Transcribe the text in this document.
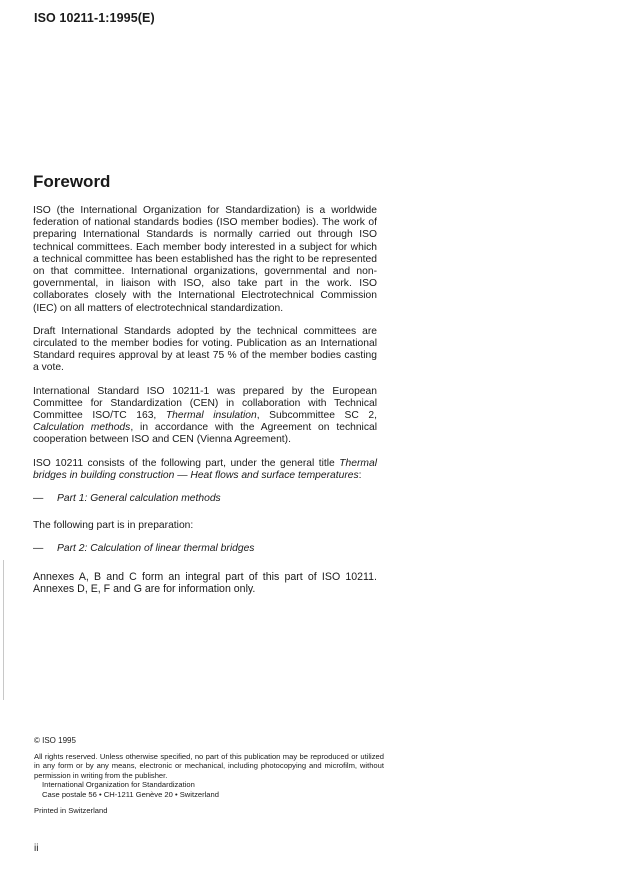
ISO 10211-1:1995(E)
Foreword

ISO (the International Organization for Standardization) is a worldwide federation of national standards bodies (ISO member bodies). The work of preparing International Standards is normally carried out through ISO technical committees. Each member body interested in a subject for which a technical committee has been established has the right to be represented on that committee. International organizations, governmental and non-governmental, in liaison with ISO, also take part in the work. ISO collaborates closely with the International Electrotechnical Commission (IEC) on all matters of electrotechnical standardization.

Draft International Standards adopted by the technical committees are circulated to the member bodies for voting. Publication as an International Standard requires approval by at least 75 % of the member bodies casting a vote.

International Standard ISO 10211-1 was prepared by the European Committee for Standardization (CEN) in collaboration with Technical Committee ISO/TC 163, Thermal insulation, Subcommittee SC 2, Calculation methods, in accordance with the Agreement on technical cooperation between ISO and CEN (Vienna Agreement).

ISO 10211 consists of the following part, under the general title Thermal bridges in building construction — Heat flows and surface temperatures:

—	Part 1: General calculation methods

The following part is in preparation:

—	Part 2: Calculation of linear thermal bridges

Annexes A, B and C form an integral part of this part of ISO 10211. Annexes D, E, F and G are for information only.

© ISO 1995
All rights reserved. Unless otherwise specified, no part of this publication may be reproduced or utilized in any form or by any means, electronic or mechanical, including photocopying and microfilm, without permission in writing from the publisher.
International Organization for Standardization
Case postale 56 • CH-1211 Genève 20 • Switzerland
Printed in Switzerland
ii
